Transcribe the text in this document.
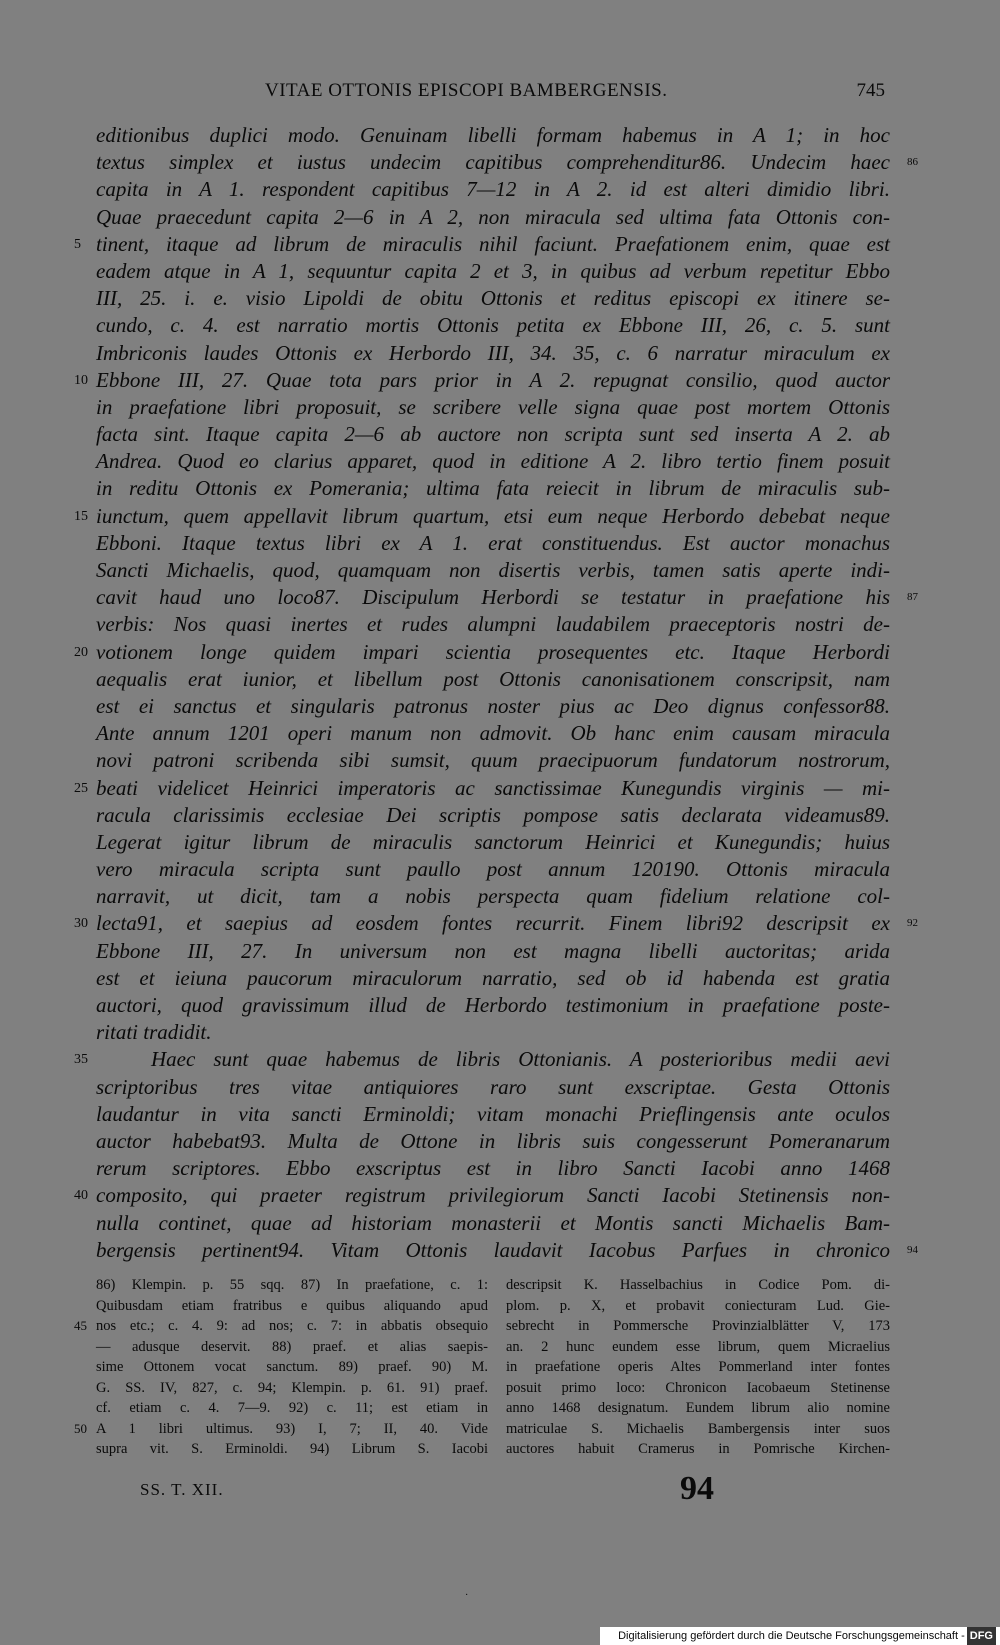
VITAE OTTONIS EPISCOPI BAMBERGENSIS.	745
editionibus duplici modo. Genuinam libelli formam habemus in A 1; in hoc
textus simplex et iustus undecim capitibus comprehenditur86. Undecim haec 86
capita in A 1. respondent capitibus 7—12 in A 2. id est alteri dimidio libri.
Quae praecedunt capita 2—6 in A 2, non miracula sed ultima fata Ottonis con-
5 tinent, itaque ad librum de miraculis nihil faciunt. Praefationem enim, quae est
eadem atque in A 1, sequuntur capita 2 et 3, in quibus ad verbum repetitur Ebbo
III, 25. i. e. visio Lipoldi de obitu Ottonis et reditus episcopi ex itinere se-
cundo, c. 4. est narratio mortis Ottonis petita ex Ebbone III, 26, c. 5. sunt
Imbriconis laudes Ottonis ex Herbordo III, 34. 35, c. 6 narratur miraculum ex
10 Ebbone III, 27. Quae tota pars prior in A 2. repugnat consilio, quod auctor
in praefatione libri proposuit, se scribere velle signa quae post mortem Ottonis
facta sint. Itaque capita 2—6 ab auctore non scripta sunt sed inserta A 2. ab
Andrea. Quod eo clarius apparet, quod in editione A 2. libro tertio finem posuit
in reditu Ottonis ex Pomerania; ultima fata reiecit in librum de miraculis sub-
15 iunctum, quem appellavit librum quartum, etsi eum neque Herbordo debebat neque
Ebboni. Itaque textus libri ex A 1. erat constituendus. Est auctor monachus
Sancti Michaelis, quod, quamquam non disertis verbis, tamen satis aperte indi-
cavit haud uno loco87. Discipulum Herbordi se testatur in praefatione his 87
verbis: Nos quasi inertes et rudes alumpni laudabilem praeceptoris nostri de-
20 votionem longe quidem impari scientia prosequentes etc. Itaque Herbordi
aequalis erat iunior, et libellum post Ottonis canonisationem conscripsit, nam
est ei sanctus et singularis patronus noster pius ac Deo dignus confessor88.
Ante annum 1201 operi manum non admovit. Ob hanc enim causam miracula
novi patroni scribenda sibi sumsit, quum praecipuorum fundatorum nostrorum,
25 beati videlicet Heinrici imperatoris ac sanctissimae Kunegundis virginis — mi-
racula clarissimis ecclesiae Dei scriptis pompose satis declarata videamus89.
Legerat igitur librum de miraculis sanctorum Heinrici et Kunegundis; huius
vero miracula scripta sunt paullo post annum 120190. Ottonis miracula
narravit, ut dicit, tam a nobis perspecta quam fidelium relatione col-
30 lecta91, et saepius ad eosdem fontes recurrit. Finem libri92 descripsit ex 92
Ebbone III, 27. In universum non est magna libelli auctoritas; arida
est et ieiuna paucorum miraculorum narratio, sed ob id habenda est gratia
auctori, quod gravissimum illud de Herbordo testimonium in praefatione poste-
ritati tradidit.
35	Haec sunt quae habemus de libris Ottonianis. A posterioribus medii aevi
scriptoribus tres vitae antiquiores raro sunt exscriptae. Gesta Ottonis
laudantur in vita sancti Erminoldi; vitam monachi Prieflingensis ante oculos
auctor habebat93. Multa de Ottone in libris suis congesserunt Pomeranarum
rerum scriptores. Ebbo exscriptus est in libro Sancti Iacobi anno 1468
40 composito, qui praeter registrum privilegiorum Sancti Iacobi Stetinensis non-
nulla continet, quae ad historiam monasterii et Montis sancti Michaelis Bam-
bergensis pertinent94. Vitam Ottonis laudavit Iacobus Parfues in chronico 94
86) Klempin. p. 55 sqq. 87) In praefatione, c. 1:
Quibusdam etiam fratribus e quibus aliquando apud
45 nos etc.; c. 4. 9: ad nos; c. 7: in abbatis obsequio
— adusque deservit. 88) praef. et alias saepis-
sime Ottonem vocat sanctum. 89) praef. 90) M.
G. SS. IV, 827, c. 94; Klempin. p. 61. 91) praef.
cf. etiam c. 4. 7—9. 92) c. 11; est etiam in
50 A 1 libri ultimus. 93) I, 7; II, 40. Vide
supra vit. S. Erminoldi. 94) Librum S. Iacobi
descripsit K. Hasselbachius in Codice Pom. di-
plom. p. X, et probavit coniecturam Lud. Gie-
sebrecht in Pommersche Provinzialblätter V, 173
an. 2 hunc eundem esse librum, quem Micraelius
in praefatione operis Altes Pommerland inter fontes
posuit primo loco: Chronicon Iacobaeum Stetinense
anno 1468 designatum. Eundem librum alio nomine
matriculae S. Michaelis Bambergensis inter suos
auctores habuit Cramerus in Pomrische Kirchen-
SS. T. XII.	94
·
Digitalisierung gefördert durch die Deutsche Forschungsgemeinschaft - DFG
